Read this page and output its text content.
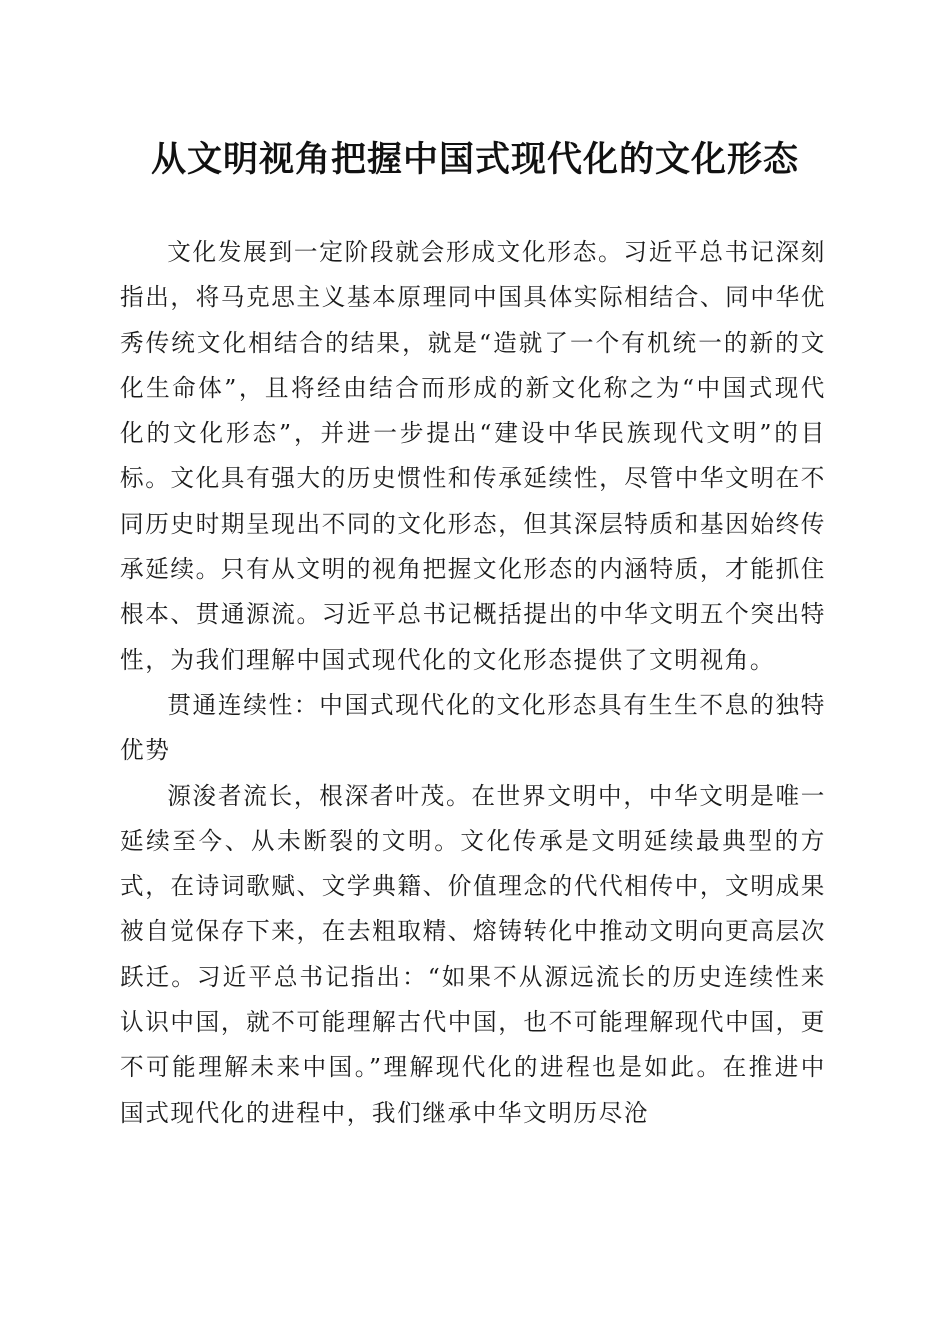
从文明视角把握中国式现代化的文化形态

文化发展到一定阶段就会形成文化形态。习近平总书记深刻指出，将马克思主义基本原理同中国具体实际相结合、同中华优秀传统文化相结合的结果，就是“造就了一个有机统一的新的文化生命体”，且将经由结合而形成的新文化称之为“中国式现代化的文化形态”，并进一步提出“建设中华民族现代文明”的目标。文化具有强大的历史惯性和传承延续性，尽管中华文明在不同历史时期呈现出不同的文化形态，但其深层特质和基因始终传承延续。只有从文明的视角把握文化形态的内涵特质，才能抓住根本、贯通源流。习近平总书记概括提出的中华文明五个突出特性，为我们理解中国式现代化的文化形态提供了文明视角。

贯通连续性：中国式现代化的文化形态具有生生不息的独特优势

源浚者流长，根深者叶茂。在世界文明中，中华文明是唯一延续至今、从未断裂的文明。文化传承是文明延续最典型的方式，在诗词歌赋、文学典籍、价值理念的代代相传中，文明成果被自觉保存下来，在去粗取精、熔铸转化中推动文明向更高层次跃迁。习近平总书记指出：“如果不从源远流长的历史连续性来认识中国，就不可能理解古代中国，也不可能理解现代中国，更不可能理解未来中国。”理解现代化的进程也是如此。在推进中国式现代化的进程中，我们继承中华文明历尽沧
